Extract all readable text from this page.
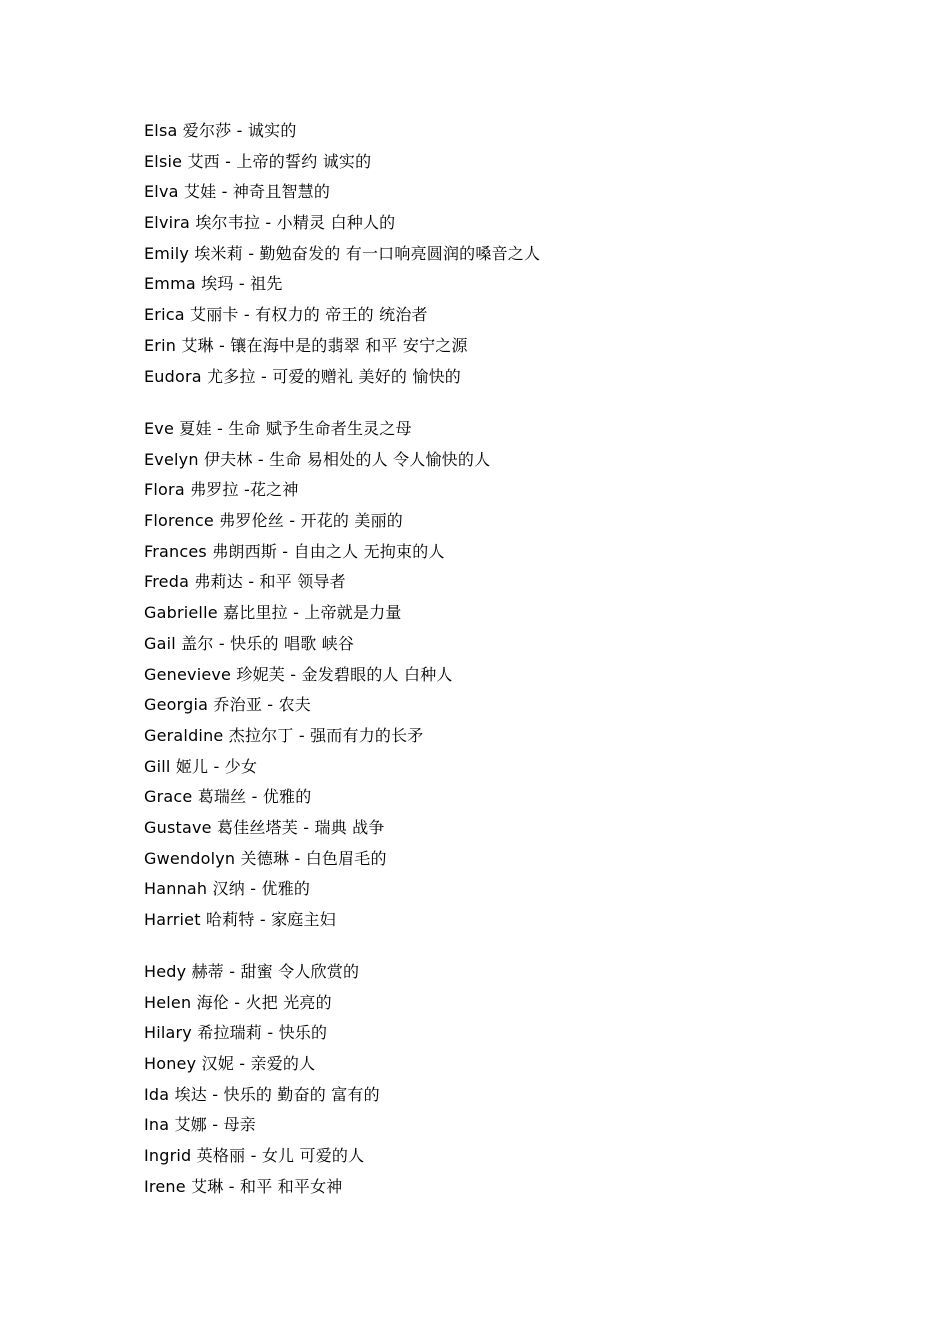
Elsa 爱尔莎 - 诚实的
Elsie 艾西 - 上帝的誓约 诚实的
Elva 艾娃 - 神奇且智慧的
Elvira 埃尔韦拉 - 小精灵 白种人的
Emily 埃米莉 - 勤勉奋发的 有一口响亮圆润的嗓音之人
Emma 埃玛 - 祖先
Erica 艾丽卡 - 有权力的 帝王的 统治者
Erin 艾琳 - 镶在海中是的翡翠 和平 安宁之源
Eudora 尤多拉 - 可爱的赠礼 美好的 愉快的
Eve 夏娃 - 生命 赋予生命者生灵之母
Evelyn 伊夫林 - 生命 易相处的人 令人愉快的人
Flora 弗罗拉 -花之神
Florence 弗罗伦丝 - 开花的 美丽的
Frances 弗朗西斯 - 自由之人 无拘束的人
Freda 弗莉达 - 和平 领导者
Gabrielle 嘉比里拉 - 上帝就是力量
Gail 盖尔 - 快乐的 唱歌 峡谷
Genevieve 珍妮芙 - 金发碧眼的人 白种人
Georgia 乔治亚 - 农夫
Geraldine 杰拉尔丁 - 强而有力的长矛
Gill 姬儿 - 少女
Grace 葛瑞丝 - 优雅的
Gustave 葛佳丝塔芙 - 瑞典 战争
Gwendolyn 关德琳 - 白色眉毛的
Hannah 汉纳 - 优雅的
Harriet 哈莉特 - 家庭主妇
Hedy 赫蒂 - 甜蜜 令人欣赏的
Helen 海伦 - 火把 光亮的
Hilary 希拉瑞莉 - 快乐的
Honey 汉妮 - 亲爱的人
Ida 埃达 - 快乐的 勤奋的 富有的
Ina 艾娜 - 母亲
Ingrid 英格丽 - 女儿 可爱的人
Irene 艾琳 - 和平 和平女神
